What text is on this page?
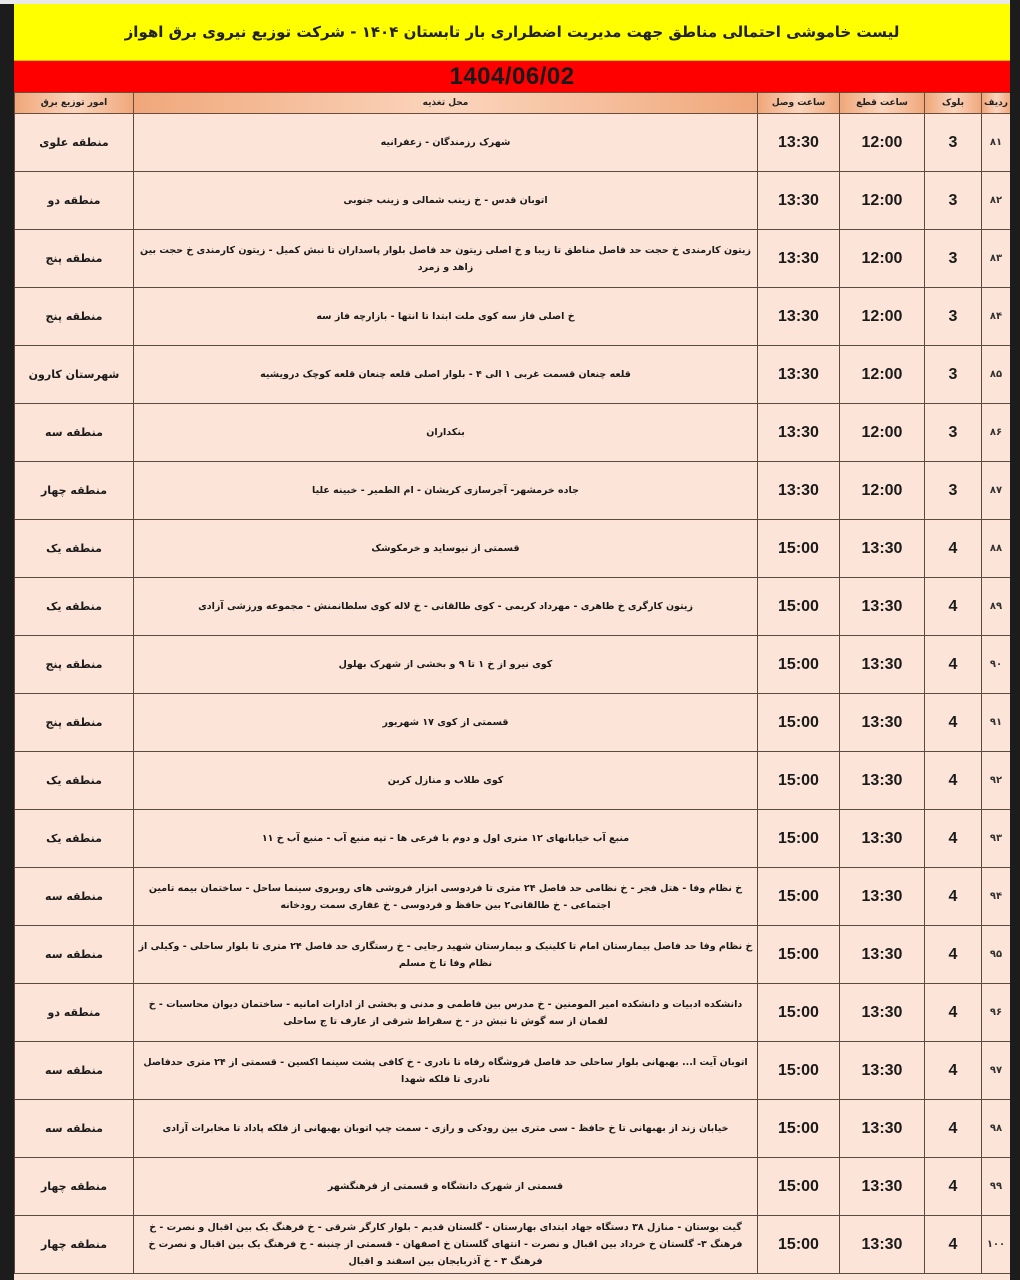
لیست خاموشی احتمالی مناطق جهت مدیریت اضطراری بار تابستان ۱۴۰۴ - شرکت توزیع نیروی برق اهواز
1404/06/02
ردیف	بلوک	ساعت قطع	ساعت وصل	محل تغذیه	امور توزیع برق
۸۱	3	12:00	13:30	شهرک رزمندگان - زعفرانیه	منطقه علوی
۸۲	3	12:00	13:30	اتوبان قدس - خ زینب شمالی و زینب جنوبی	منطقه دو
۸۳	3	12:00	13:30	زیتون کارمندی خ حجت حد فاصل مناطق تا زیبا و خ اصلی زیتون حد فاصل بلوار پاسداران تا نبش کمیل - زیتون کارمندی خ حجت بین زاهد و زمرد	منطقه پنج
۸۴	3	12:00	13:30	خ اصلی فاز سه کوی ملت ابتدا تا انتها - بازارچه فاز سه	منطقه پنج
۸۵	3	12:00	13:30	قلعه چنعان قسمت غربی ۱ الی ۴ - بلوار اصلی قلعه چنعان قلعه کوچک درویشیه	شهرستان کارون
۸۶	3	12:00	13:30	بنکداران	منطقه سه
۸۷	3	12:00	13:30	جاده خرمشهر- آجرسازی کریشان - ام الطمیر - خبینه علیا	منطقه چهار
۸۸	4	13:30	15:00	قسمتی از نیوساید و خرمکوشک	منطقه یک
۸۹	4	13:30	15:00	زیتون کارگری خ طاهری - مهرداد کریمی - کوی طالقانی - خ لاله کوی سلطانمنش - مجموعه ورزشی آزادی	منطقه یک
۹۰	4	13:30	15:00	کوی نیرو از خ ۱ تا ۹ و بخشی از شهرک بهلول	منطقه پنج
۹۱	4	13:30	15:00	قسمتی از کوی ۱۷ شهریور	منطقه پنج
۹۲	4	13:30	15:00	کوی طلاب و منازل کربن	منطقه یک
۹۳	4	13:30	15:00	منبع آب خیابانهای ۱۲ متری اول و دوم با فرعی ها - تپه منبع آب - منبع آب خ ۱۱	منطقه یک
۹۴	4	13:30	15:00	خ نظام وفا - هتل فجر - خ نظامی حد فاصل ۲۴ متری تا فردوسی ابزار فروشی های روبروی سینما ساحل - ساختمان بیمه تامین اجتماعی - خ طالقانی۲ بین حافظ و فردوسی - خ غفاری سمت رودخانه	منطقه سه
۹۵	4	13:30	15:00	خ نظام وفا حد فاصل بیمارستان امام تا کلینیک و بیمارستان شهید رجایی - خ رستگاری حد فاصل ۲۴ متری تا بلوار ساحلی - وکیلی از نظام وفا تا خ مسلم	منطقه سه
۹۶	4	13:30	15:00	دانشکده ادبیات و دانشکده امیر المومنین - خ مدرس بین فاطمی و مدنی و بخشی از ادارات امانیه - ساختمان دیوان محاسبات - خ لقمان از سه گوش تا نبش دز - خ سقراط شرقی از عارف تا ج ساحلی	منطقه دو
۹۷	4	13:30	15:00	اتوبان آیت ا... بهبهانی بلوار ساحلی حد فاصل فروشگاه رفاه تا نادری - خ کافی پشت سینما اکسین - قسمتی از ۲۴ متری حدفاصل نادری تا فلکه شهدا	منطقه سه
۹۸	4	13:30	15:00	خیابان زند از بهبهانی تا خ حافظ - سی متری بین رودکی و رازی - سمت چپ اتوبان بهبهانی از فلکه پاداد تا مخابرات آزادی	منطقه سه
۹۹	4	13:30	15:00	قسمتی از شهرک دانشگاه و قسمتی از فرهنگشهر	منطقه چهار
۱۰۰	4	13:30	15:00	گیت بوستان - منازل ۳۸ دستگاه جهاد ابتدای بهارستان - گلستان قدیم - بلوار کارگر شرقی - خ فرهنگ یک بین اقبال و نصرت - خ فرهنگ ۳- گلستان خ خرداد بین اقبال و نصرت - انتهای گلستان خ اصفهان - قسمتی از چنبنه - خ فرهنگ یک بین اقبال و نصرت خ فرهنگ ۳ - خ آذربایجان بین اسفند و اقبال	منطقه چهار
